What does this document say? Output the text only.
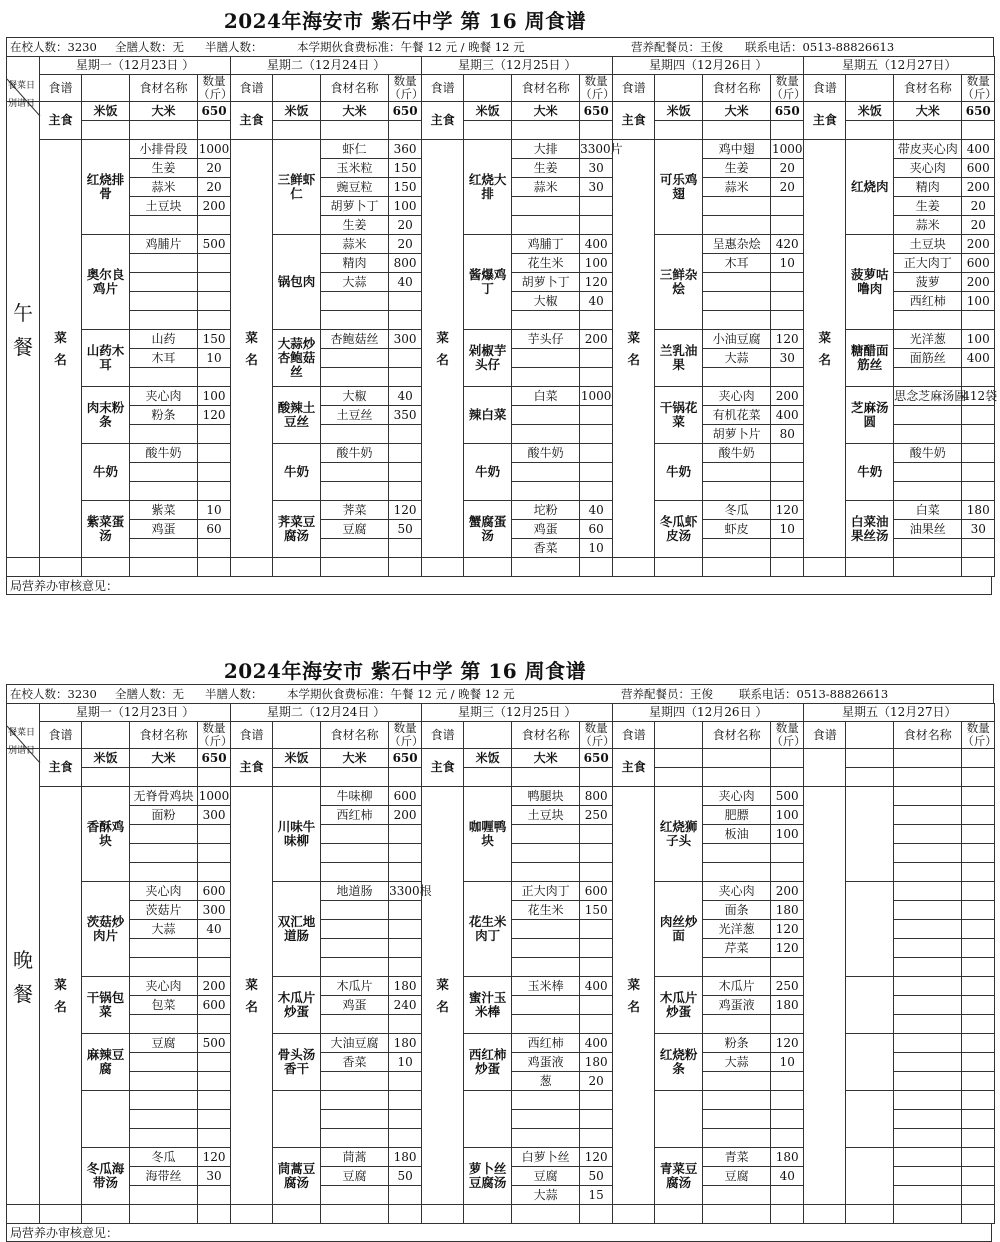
2024年海安市 紫石中学 第 16 周食谱
在校人数：3230 全膳人数：无 半膳人数：	本学期伙食费标准：午餐 12 元 / 晚餐 12 元	营养配餐员：王俊 联系电话：0513-88826613
餐菜日
别谱日	星期一（12月23日 ）				星期二（12月24日 ）				星期三（12月25日 ）				星期四（12月26日 ）				星期五（12月27日）			
	食谱		食材名称	数量（斤）	食谱		食材名称	数量（斤）	食谱		食材名称	数量（斤）	食谱		食材名称	数量（斤）	食谱		食材名称	数量（斤）
午餐	主食	米饭	大米	650	主食	米饭	大米	650	主食	米饭	大米	650	主食	米饭	大米	650	主食	米饭	大米	650

	菜名	红烧排骨	小排骨段	1000	菜名	三鲜虾仁	虾仁	360	菜名	红烧大排	大排	3300片	菜名	可乐鸡翅	鸡中翅	1000	菜名	红烧肉	带皮夹心肉	400
			生姜	20			玉米粒	150			生姜	30			生姜	20			夹心肉	600
			蒜米	20			豌豆粒	150			蒜米	30			蒜米	20			精肉	200
			土豆块	200			胡萝卜丁	100											生姜	20
							生姜	20											蒜米	20
		奥尔良鸡片	鸡脯片	500		锅包肉	蒜米	20		酱爆鸡丁	鸡脯丁	400		三鲜杂烩	呈惠杂烩	420		菠萝咕噜肉	土豆块	200
							精肉	800			花生米	100			木耳	10			正大肉丁	600
							大蒜	40			胡萝卜丁	120							菠萝	200
											大椒	40							西红柿	100

		山药木耳	山药	150		大蒜炒杏鲍菇丝	杏鲍菇丝	300		剁椒芋头仔	芋头仔	200		兰乳油果	小油豆腐	120		糖醋面筋丝	光洋葱	100
			木耳	10											大蒜	30			面筋丝	400

		肉末粉条	夹心肉	100		酸辣土豆丝	大椒	40		辣白菜	白菜	1000		干锅花菜	夹心肉	200		芝麻汤圆	思念芝麻汤圆	412袋
			粉条	120			土豆丝	350							有机花菜	400				
															胡萝卜片	80				
		牛奶	酸牛奶			牛奶	酸牛奶			牛奶	酸牛奶			牛奶	酸牛奶			牛奶	酸牛奶	

		紫菜蛋汤	紫菜	10		荠菜豆腐汤	荠菜	120		蟹腐蛋汤	坨粉	40		冬瓜虾皮汤	冬瓜	120		白菜油果丝汤	白菜	180
			鸡蛋	60			豆腐	50			鸡蛋	60			虾皮	10			油果丝	30
											香菜	10								

局营养办审核意见：
2024年海安市 紫石中学 第 16 周食谱
在校人数：3230 全膳人数：无 半膳人数： 本学期伙食费标准：午餐 12 元 / 晚餐 12 元	营养配餐员：王俊 联系电话：0513-88826613
餐菜日
别谱日	星期一（12月23日 ）				星期二（12月24日 ）				星期三（12月25日 ）				星期四（12月26日 ）				星期五（12月27日）			
	食谱		食材名称	数量（斤）	食谱		食材名称	数量（斤）	食谱		食材名称	数量（斤）	食谱		食材名称	数量（斤）	食谱		食材名称	数量（斤）
晚餐	主食	米饭	大米	650	主食	米饭	大米	650	主食	米饭	大米	650	主食							

	菜名	香酥鸡块	无脊骨鸡块	1000	菜名	川味牛味柳	牛味柳	600	菜名	咖喱鸭块	鸭腿块	800	菜名	红烧狮子头	夹心肉	500				
			面粉	300			西红柿	200			土豆块	250			肥膘	100				
															板油	100				

		茨菇炒肉片	夹心肉	600		双汇地道肠	地道肠	3300根		花生米肉丁	正大肉丁	600		肉丝炒面	夹心肉	200				
			茨菇片	300							花生米	150			面条	180				
			大蒜	40											光洋葱	120				
															芹菜	120				

		干锅包菜	夹心肉	200		木瓜片炒蛋	木瓜片	180		蜜汁玉米棒	玉米棒	400		木瓜片炒蛋	木瓜片	250				
			包菜	600			鸡蛋	240							鸡蛋液	180				

		麻辣豆腐	豆腐	500		骨头汤香干	大油豆腐	180		西红柿炒蛋	西红柿	400		红烧粉条	粉条	120				
							香菜	10			鸡蛋液	180			大蒜	10				
											葱	20								

		冬瓜海带汤	冬瓜	120		茼蒿豆腐汤	茼蒿	180		萝卜丝豆腐汤	白萝卜丝	120		青菜豆腐汤	青菜	180				
			海带丝	30			豆腐	50			豆腐	50			豆腐	40				
											大蒜	15								

局营养办审核意见：
